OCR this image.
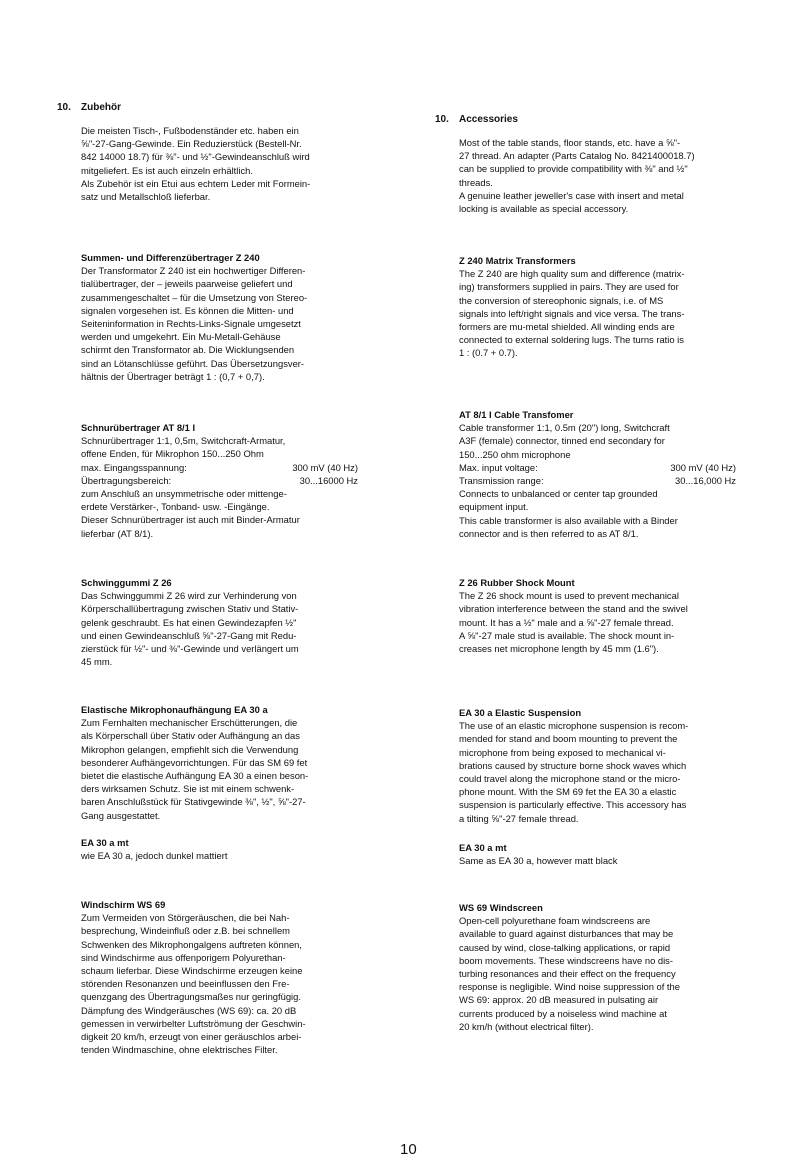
10. Zubehör
Die meisten Tisch-, Fußbodenständer etc. haben ein
⅝"-27-Gang-Gewinde. Ein Reduzierstück (Bestell-Nr.
842 14000 18.7) für ⅜"- und ½"-Gewindeanschluß wird
mitgeliefert. Es ist auch einzeln erhältlich.
Als Zubehör ist ein Etui aus echtem Leder mit Formein-
satz und Metallschloß lieferbar.
Summen- und Differenzübertrager Z 240
Der Transformator Z 240 ist ein hochwertiger Differen-
tialübertrager, der – jeweils paarweise geliefert und
zusammengeschaltet – für die Umsetzung von Stereo-
signalen vorgesehen ist. Es können die Mitten- und
Seiteninformation in Rechts-Links-Signale umgesetzt
werden und umgekehrt. Ein Mu-Metall-Gehäuse
schirmt den Transformator ab. Die Wicklungsenden
sind an Lötanschlüsse geführt. Das Übersetzungsver-
hältnis der Übertrager beträgt 1 : (0,7 + 0,7).
Schnurübertrager AT 8/1 I
Schnurübertrager 1:1, 0,5m, Switchcraft-Armatur,
offene Enden, für Mikrophon 150...250 Ohm
max. Eingangsspannung:	300 mV (40 Hz)
Übertragungsbereich:	30...16000 Hz
zum Anschluß an unsymmetrische oder mittenge-
erdete Verstärker-, Tonband- usw. -Eingänge.
Dieser Schnurübertrager ist auch mit Binder-Armatur
lieferbar (AT 8/1).
Schwinggummi Z 26
Das Schwinggummi Z 26 wird zur Verhinderung von
Körperschallübertragung zwischen Stativ und Stativ-
gelenk geschraubt. Es hat einen Gewindezapfen ½"
und einen Gewindeanschluß ⅝"-27-Gang mit Redu-
zierstück für ½"- und ⅜"-Gewinde und verlängert um
45 mm.
Elastische Mikrophonaufhängung EA 30 a
Zum Fernhalten mechanischer Erschütterungen, die
als Körperschall über Stativ oder Aufhängung an das
Mikrophon gelangen, empfiehlt sich die Verwendung
besonderer Aufhängevorrichtungen. Für das SM 69 fet
bietet die elastische Aufhängung EA 30 a einen beson-
ders wirksamen Schutz. Sie ist mit einem schwenk-
baren Anschlußstück für Stativgewinde ⅜", ½", ⅝"-27-
Gang ausgestattet.
EA 30 a mt
wie EA 30 a, jedoch dunkel mattiert
Windschirm WS 69
Zum Vermeiden von Störgeräuschen, die bei Nah-
besprechung, Windeinfluß oder z.B. bei schnellem
Schwenken des Mikrophongalgens auftreten können,
sind Windschirme aus offenporigem Polyurethan-
schaum lieferbar. Diese Windschirme erzeugen keine
störenden Resonanzen und beeinflussen den Fre-
quenzgang des Übertragungsmaßes nur geringfügig.
Dämpfung des Windgeräusches (WS 69): ca. 20 dB
gemessen in verwirbelter Luftströmung der Geschwin-
digkeit 20 km/h, erzeugt von einer geräuschlos arbei-
tenden Windmaschine, ohne elektrisches Filter.
10. Accessories
Most of the table stands, floor stands, etc. have a ⅝"-
27 thread. An adapter (Parts Catalog No. 8421400018.7)
can be supplied to provide compatibility with ⅜" and ½"
threads.
A genuine leather jeweller's case with insert and metal
locking is available as special accessory.
Z 240 Matrix Transformers
The Z 240 are high quality sum and difference (matrix-
ing) transformers supplied in pairs. They are used for
the conversion of stereophonic signals, i.e. of MS
signals into left/right signals and vice versa. The trans-
formers are mu-metal shielded. All winding ends are
connected to external soldering lugs. The turns ratio is
1 : (0.7 + 0.7).
AT 8/1 I Cable Transfomer
Cable transformer 1:1, 0.5m (20") long, Switchcraft
A3F (female) connector, tinned end secondary for
150...250 ohm microphone
Max. input voltage:	300 mV (40 Hz)
Transmission range:	30...16,000 Hz
Connects to unbalanced or center tap grounded
equipment input.
This cable transformer is also available with a Binder
connector and is then referred to as AT 8/1.
Z 26 Rubber Shock Mount
The Z 26 shock mount is used to prevent mechanical
vibration interference between the stand and the swivel
mount. It has a ½" male and a ⅝"-27 female thread.
A ⅝"-27 male stud is available. The shock mount in-
creases net microphone length by 45 mm (1.6").
EA 30 a Elastic Suspension
The use of an elastic microphone suspension is recom-
mended for stand and boom mounting to prevent the
microphone from being exposed to mechanical vi-
brations caused by structure borne shock waves which
could travel along the microphone stand or the micro-
phone mount. With the SM 69 fet the EA 30 a elastic
suspension is particularly effective. This accessory has
a tilting ⅝"-27 female thread.
EA 30 a mt
Same as EA 30 a, however matt black
WS 69 Windscreen
Open-cell polyurethane foam windscreens are
available to guard against disturbances that may be
caused by wind, close-talking applications, or rapid
boom movements. These windscreens have no dis-
turbing resonances and their effect on the frequency
response is negligible. Wind noise suppression of the
WS 69: approx. 20 dB measured in pulsating air
currents produced by a noiseless wind machine at
20 km/h (without electrical filter).
10
